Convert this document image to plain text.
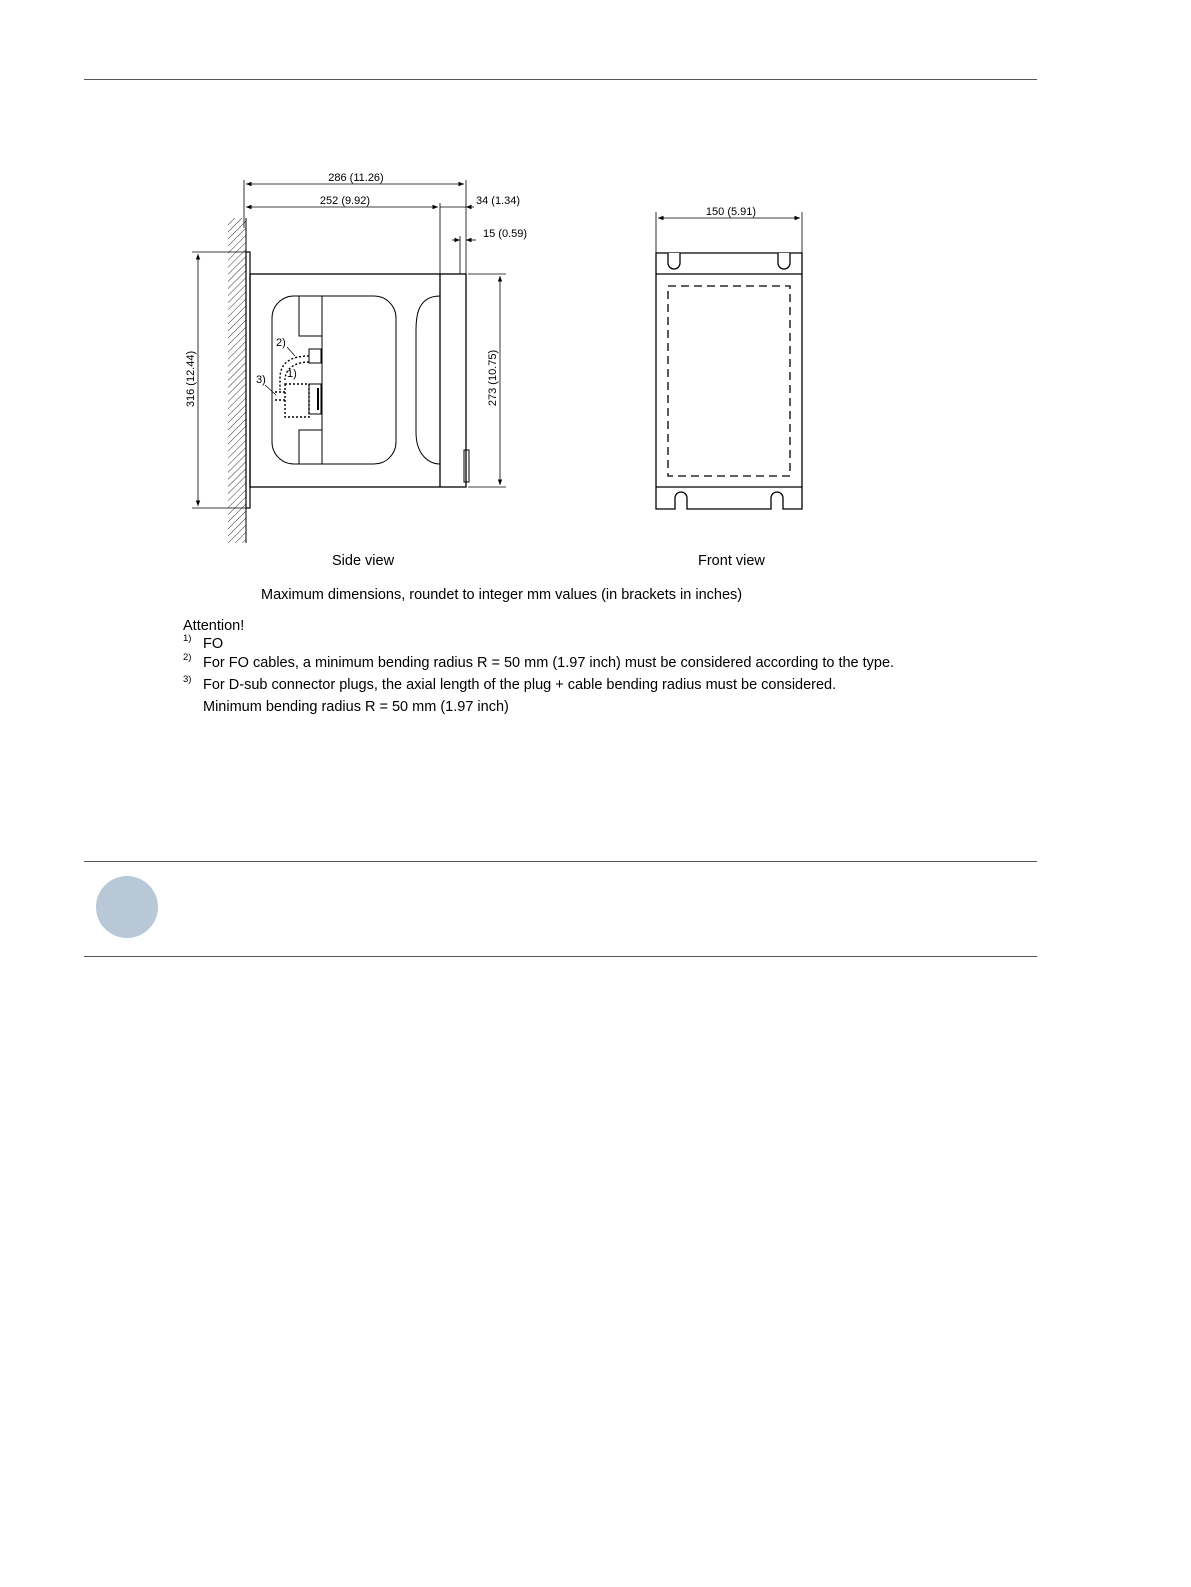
2)
1)
3)
286 (11.26)
252 (9.92)	34 (1.34)
15 (0.59)
316 (12.44)	273 (10.75)
150 (5.91)
Side view	Front view
Maximum dimensions, roundet to integer mm values (in brackets in inches)
Attention!
1) FO
2) For FO cables, a minimum bending radius R = 50 mm (1.97 inch) must be considered according to the type.
3) For D-sub connector plugs, the axial length of the plug + cable bending radius must be considered.
Minimum bending radius R = 50 mm (1.97 inch)
